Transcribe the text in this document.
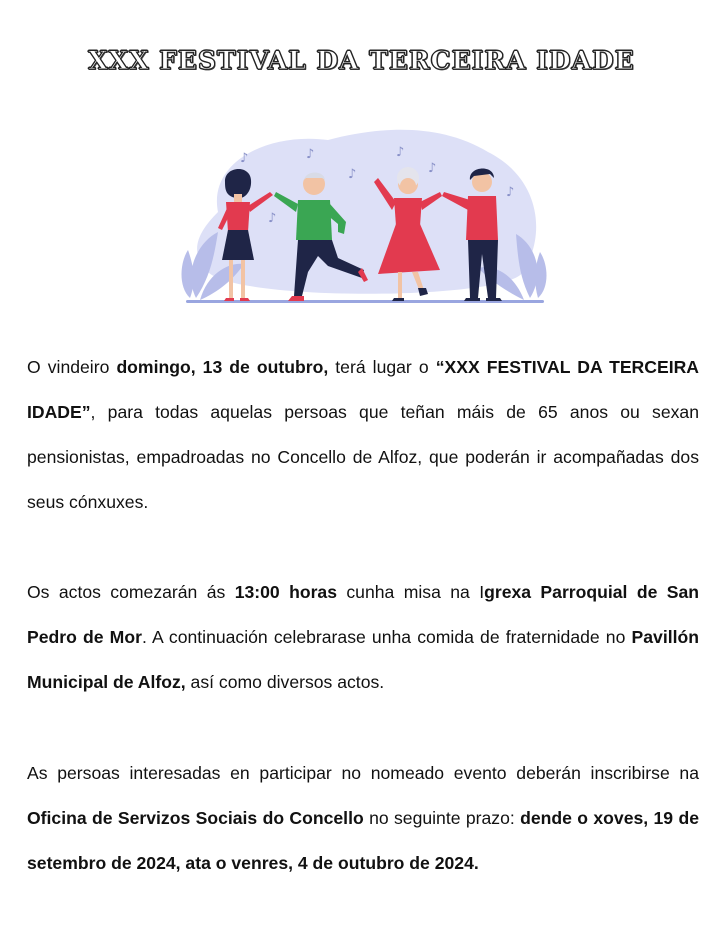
XXX FESTIVAL DA TERCEIRA IDADE
♪	♪
♪
♪
♪
♪
♪

O vindeiro domingo, 13 de outubro, terá lugar o “XXX FESTIVAL DA TERCEIRA IDADE”, para todas aquelas persoas que teñan máis de 65 anos ou sexan pensionistas, empadroadas no Concello de Alfoz, que poderán ir acompañadas dos seus cónxuxes.

Os actos comezarán ás 13:00 horas cunha misa na Igrexa Parroquial de San Pedro de Mor. A continuación celebrarase unha comida de fraternidade no Pavillón Municipal de Alfoz, así como diversos actos.

As persoas interesadas en participar no nomeado evento deberán inscribirse na Oficina de Servizos Sociais do Concello no seguinte prazo: dende o xoves, 19 de setembro de 2024, ata o venres, 4 de outubro de 2024.
